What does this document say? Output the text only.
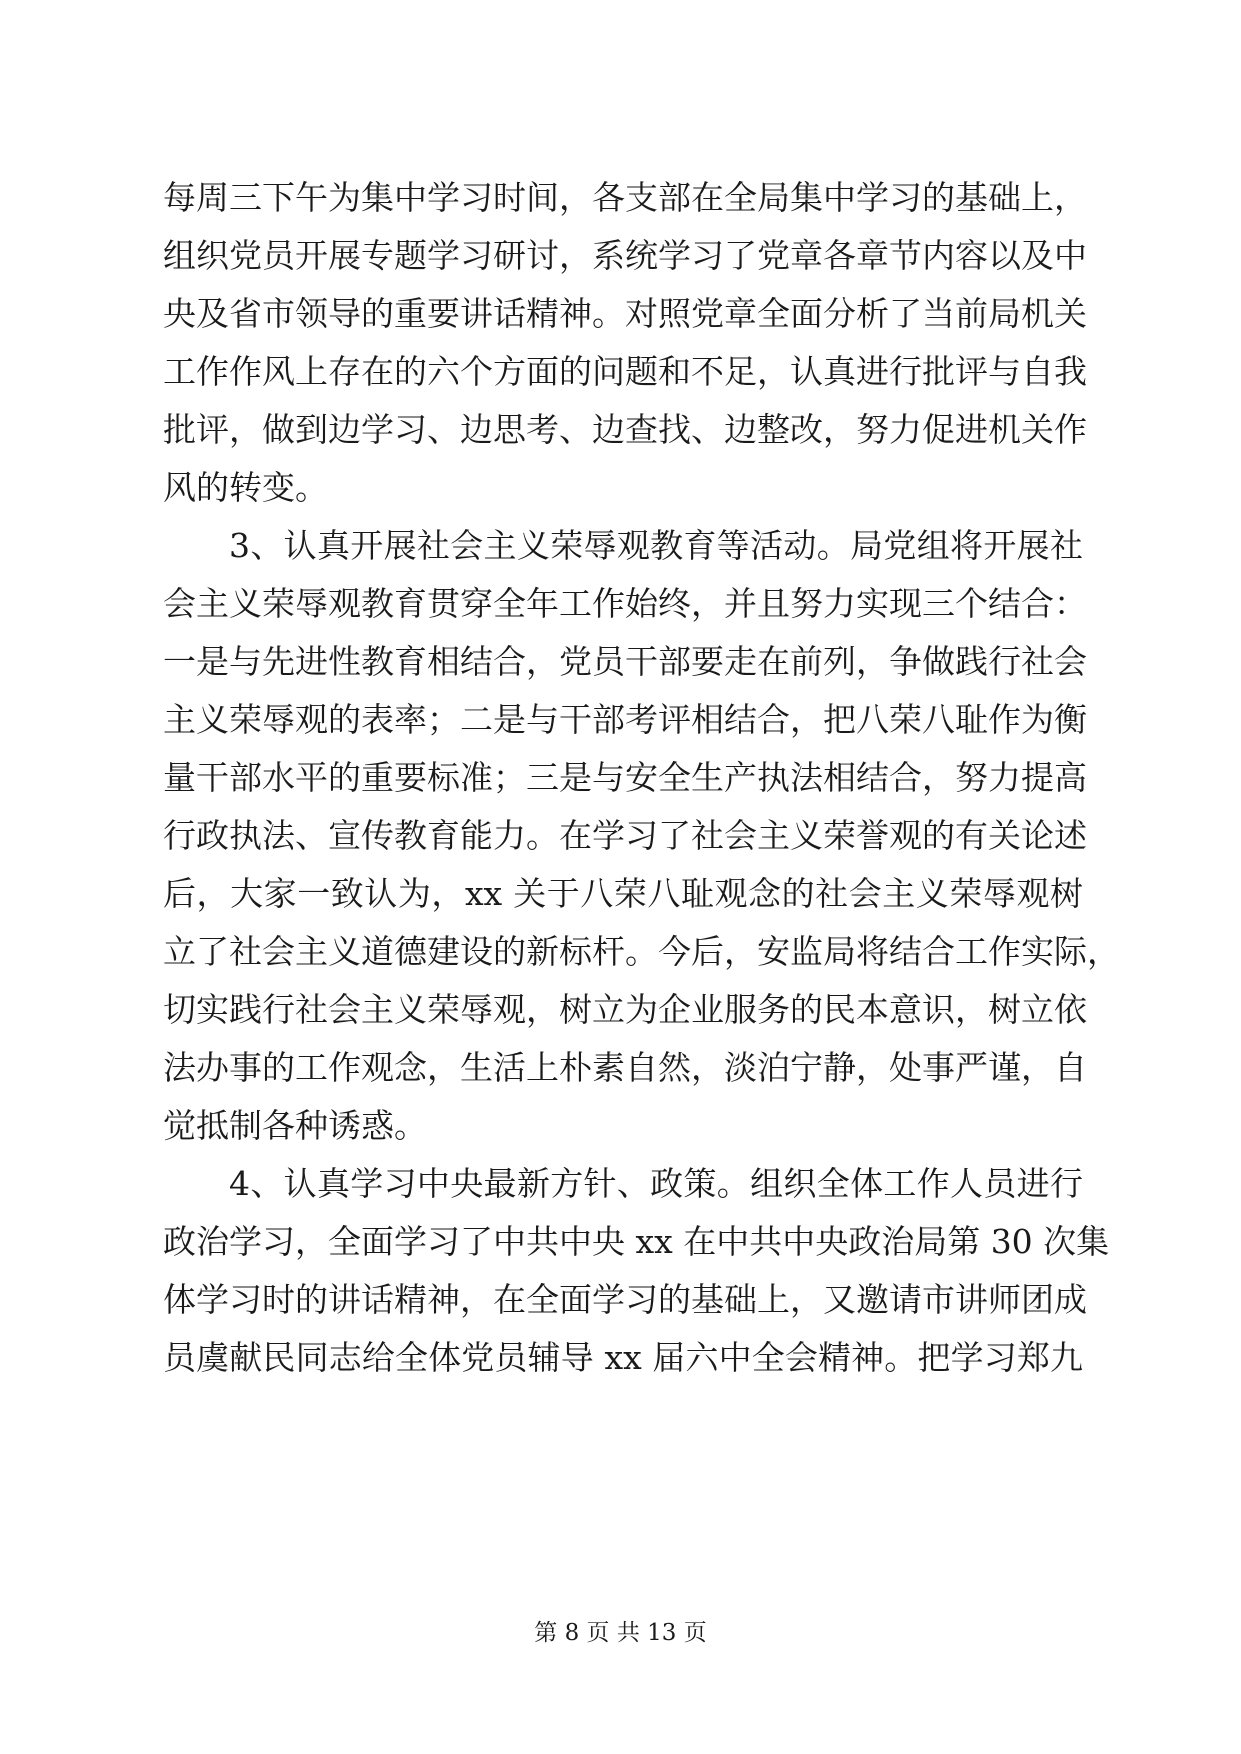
每周三下午为集中学习时间，各支部在全局集中学习的基础上，
组织党员开展专题学习研讨，系统学习了党章各章节内容以及中
央及省市领导的重要讲话精神。对照党章全面分析了当前局机关
工作作风上存在的六个方面的问题和不足，认真进行批评与自我
批评，做到边学习、边思考、边查找、边整改，努力促进机关作
风的转变。
3、认真开展社会主义荣辱观教育等活动。局党组将开展社
会主义荣辱观教育贯穿全年工作始终，并且努力实现三个结合：
一是与先进性教育相结合，党员干部要走在前列，争做践行社会
主义荣辱观的表率；二是与干部考评相结合，把八荣八耻作为衡
量干部水平的重要标准；三是与安全生产执法相结合，努力提高
行政执法、宣传教育能力。在学习了社会主义荣誉观的有关论述
后，大家一致认为，xx 关于八荣八耻观念的社会主义荣辱观树
立了社会主义道德建设的新标杆。今后，安监局将结合工作实际，
切实践行社会主义荣辱观，树立为企业服务的民本意识，树立依
法办事的工作观念，生活上朴素自然，淡泊宁静，处事严谨，自
觉抵制各种诱惑。
4、认真学习中央最新方针、政策。组织全体工作人员进行
政治学习，全面学习了中共中央 xx 在中共中央政治局第 30 次集
体学习时的讲话精神，在全面学习的基础上，又邀请市讲师团成
员虞献民同志给全体党员辅导 xx 届六中全会精神。把学习郑九
第 8 页 共 13 页
